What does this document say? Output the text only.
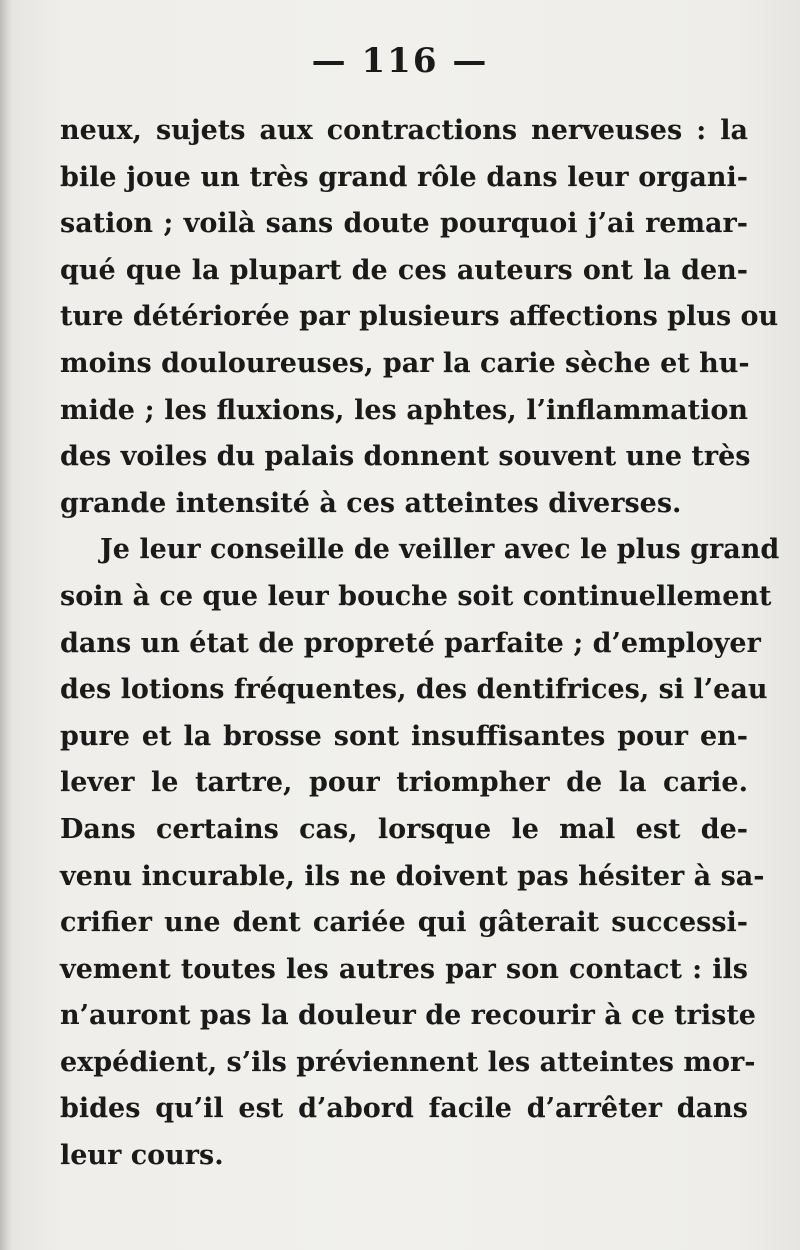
— 116 —
neux, sujets aux contractions nerveuses : la
bile joue un très grand rôle dans leur organi-
sation ; voilà sans doute pourquoi j’ai remar-
qué que la plupart de ces auteurs ont la den-
ture détériorée par plusieurs affections plus ou
moins douloureuses, par la carie sèche et hu-
mide ; les fluxions, les aphtes, l’inflammation
des voiles du palais donnent souvent une très
grande intensité à ces atteintes diverses.
Je leur conseille de veiller avec le plus grand
soin à ce que leur bouche soit continuellement
dans un état de propreté parfaite ; d’employer
des lotions fréquentes, des dentifrices, si l’eau
pure et la brosse sont insuffisantes pour en-
lever le tartre, pour triompher de la carie.
Dans certains cas, lorsque le mal est de-
venu incurable, ils ne doivent pas hésiter à sa-
crifier une dent cariée qui gâterait successi-
vement toutes les autres par son contact : ils
n’auront pas la douleur de recourir à ce triste
expédient, s’ils préviennent les atteintes mor-
bides qu’il est d’abord facile d’arrêter dans
leur cours.
